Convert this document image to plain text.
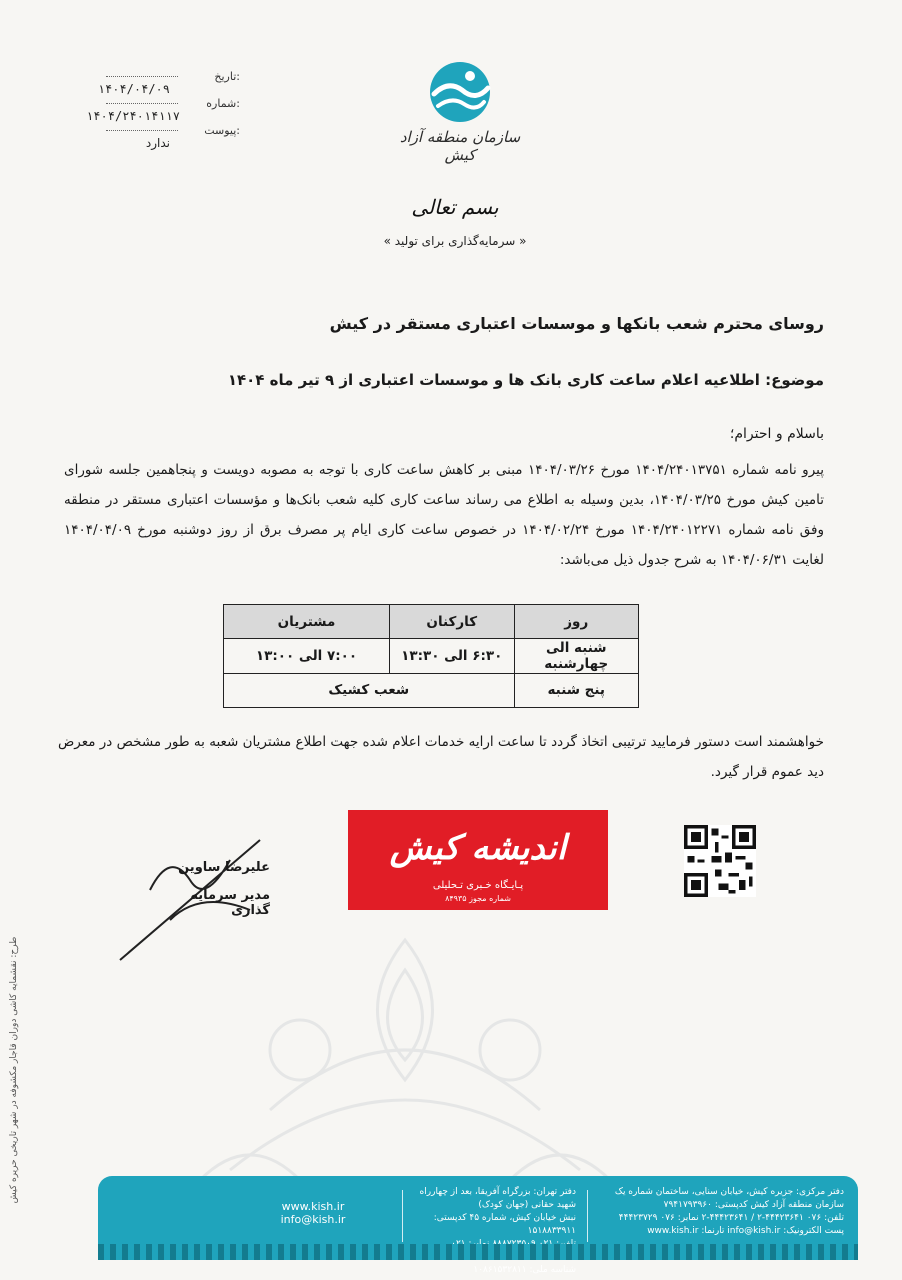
تاریخ:
۱۴۰۴/۰۴/۰۹
شماره:
۱۴۰۴/۲۴۰۱۴۱۱۷
پیوست:
ندارد	سازمان منطقه آزاد کیش
بسم تعالی
« سرمایه‌گذاری برای تولید »
روسای محترم شعب بانکها و موسسات اعتباری مستقر در کیش
موضوع: اطلاعیه اعلام ساعت کاری بانک ها و موسسات اعتباری از ۹ تیر ماه ۱۴۰۴
باسلام و احترام؛
پیرو نامه شماره ۱۴۰۴/۲۴۰۱۳۷۵۱ مورخ ۱۴۰۴/۰۳/۲۶ مبنی بر کاهش ساعت کاری با توجه به مصوبه دویست و پنجاهمین جلسه شورای تامین کیش مورخ ۱۴۰۴/۰۳/۲۵، بدین وسیله به اطلاع می رساند ساعت کاری کلیه شعب بانک‌ها و مؤسسات اعتباری مستقر در منطقه وفق نامه شماره ۱۴۰۴/۲۴۰۱۲۲۷۱ مورخ ۱۴۰۴/۰۲/۲۴ در خصوص ساعت کاری ایام پر مصرف برق از روز دوشنبه مورخ ۱۴۰۴/۰۴/۰۹ لغایت ۱۴۰۴/۰۶/۳۱ به شرح جدول ذیل می‌باشد:
روز	کارکنان	مشتریان
شنبه الی چهارشنبه	۶:۳۰ الی ۱۳:۳۰	۷:۰۰ الی ۱۳:۰۰
پنج شنبه	شعب کشیک	
خواهشمند است دستور فرمایید ترتیبی اتخاذ گردد تا ساعت ارایه خدمات اعلام شده جهت اطلاع مشتریان شعبه به طور مشخص در معرض دید عموم قرار گیرد.
علیرضا ساوین
مدیر سرمایه گذاری
اندیشه کیش
پـایـگاه خـبری تـحلیلی
شماره مجوز ۸۴۹۳۵
طرح: نقشمایه کاشی‌ دوران قاجار مکشوفه در شهر تاریخی حریره کیش	دفتر مرکزی: جزیره کیش، خیابان سنایی، ساختمان شماره یک
سازمان منطقه آزاد کیش کدپستی: ۷۹۴۱۷۹۳۹۶۰
تلفن: ۰۷۶ ۴۴۴۲۳۶۴۱-۲ / ۴۴۴۲۳۶۴۱-۲ نمابر: ۰۷۶ ۴۴۴۲۳۷۲۹
پست الکترونیک: info@kish.ir تارنما: www.kish.ir
دفتر تهران: بزرگراه آفریقا، بعد از چهارراه شهید حقانی (جهان کودک)
نبش خیابان کیش، شماره ۴۵ کدپستی: ۱۵۱۸۸۳۳۹۱۱
شناسه ملی: ۱۰۸۶۱۵۳۲۸۱۱
www.kish.ir
info@kish.ir
